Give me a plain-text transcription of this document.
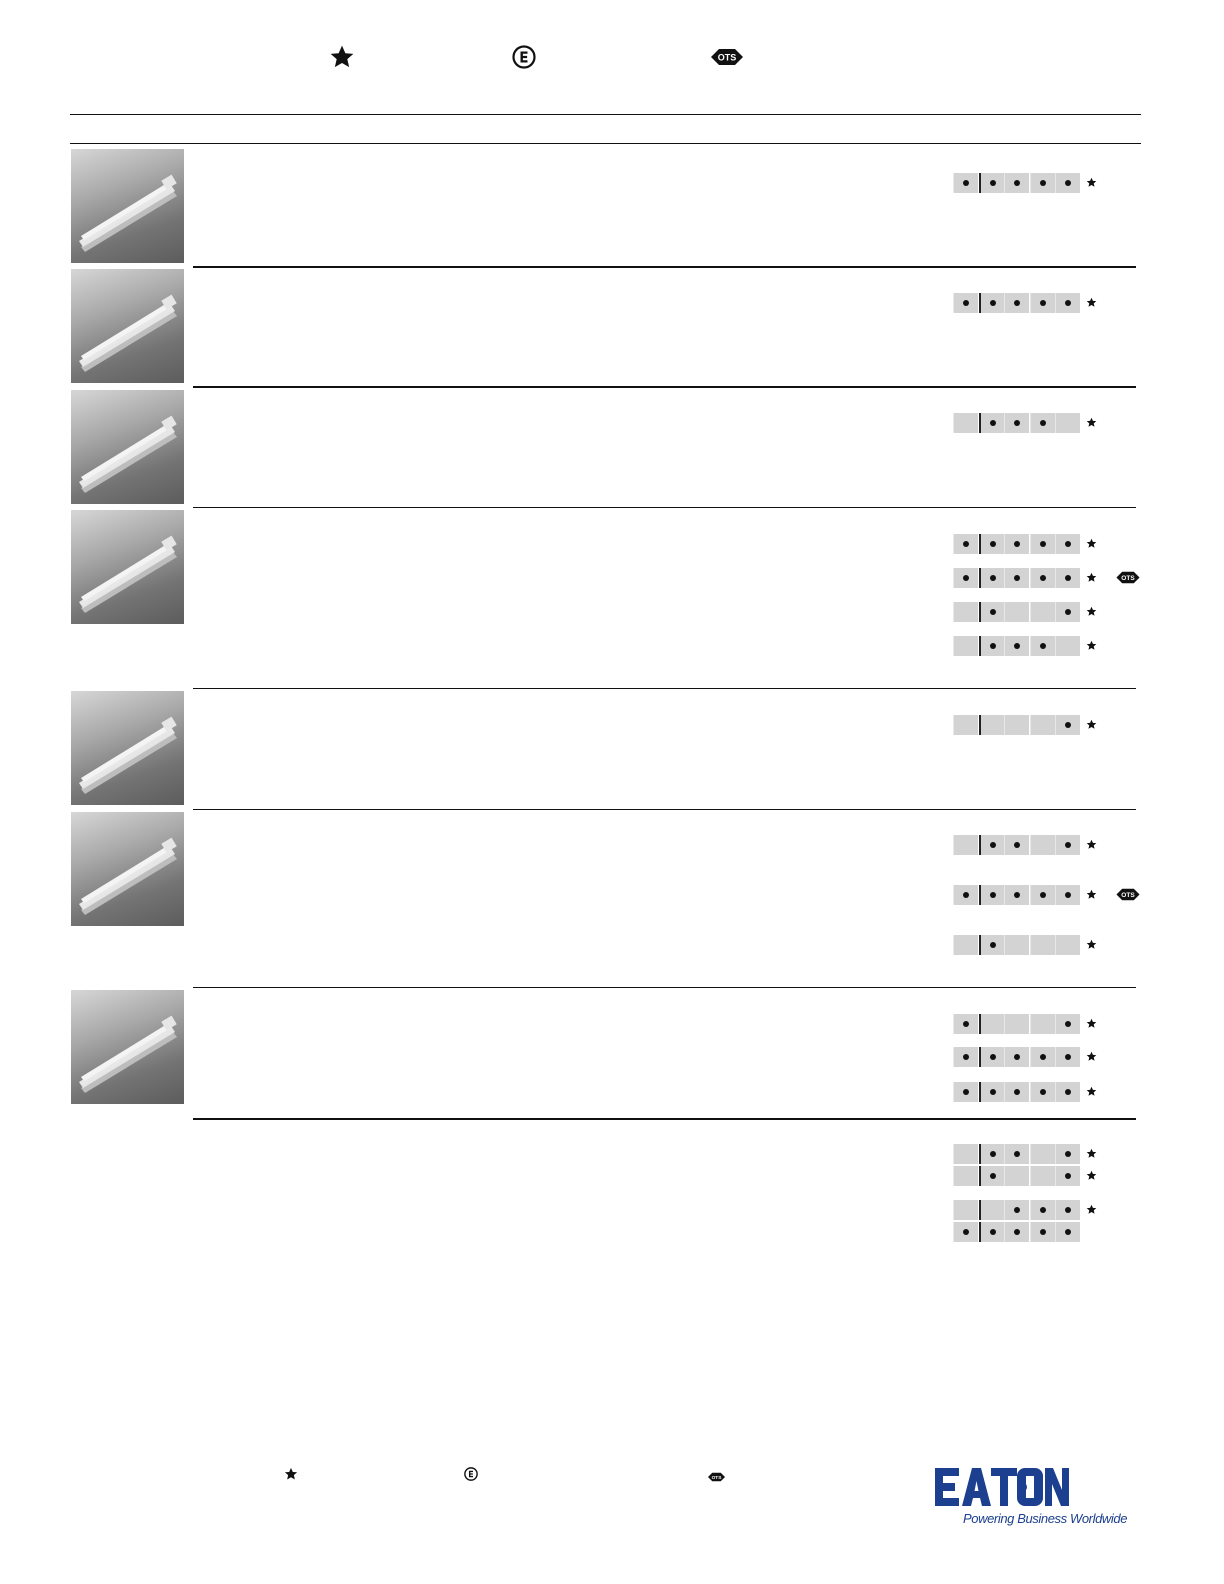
OTS
OTS
OTS
OTS
Powering Business Worldwide
